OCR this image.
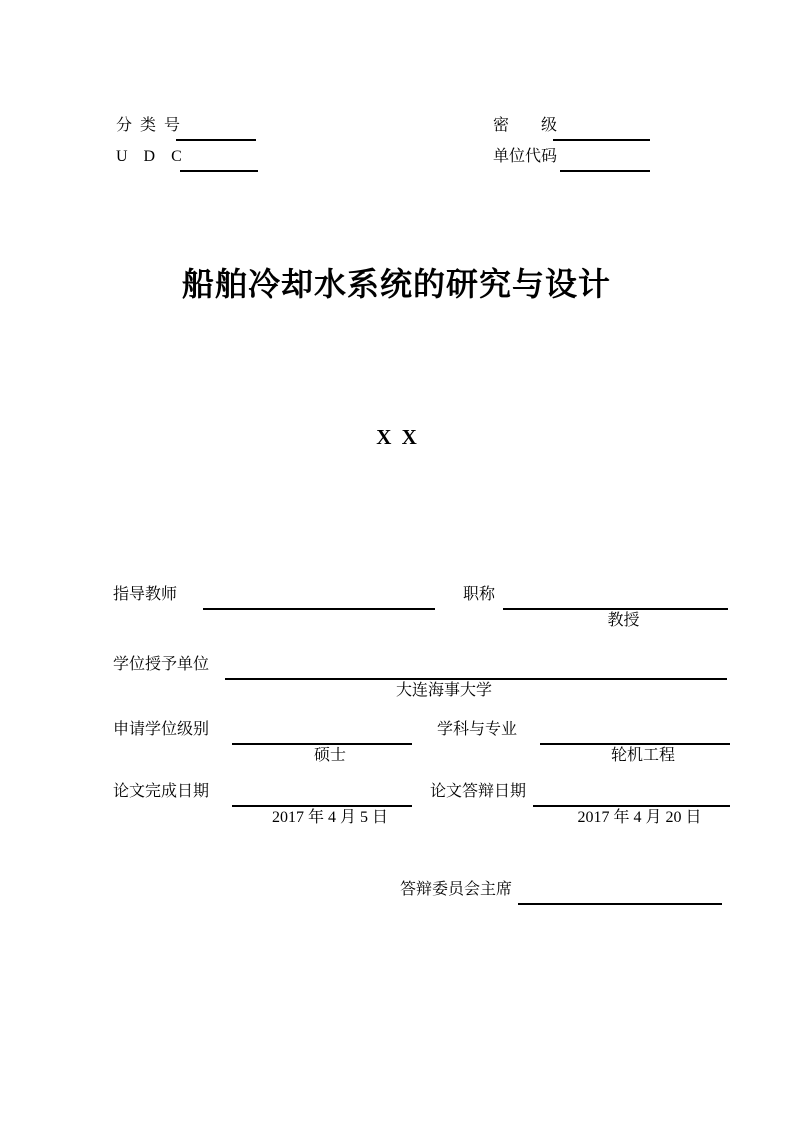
分 类 号

U  D  C

密　　级

单位代码

船舶冷却水系统的研究与设计
X X
指导教师

	职称

教授

学位授予单位

大连海事大学

申请学位级别

硕士

学科与专业

轮机工程

论文完成日期

2017 年 4 月 5 日

论文答辩日期

2017 年 4 月 20 日

答辩委员会主席
